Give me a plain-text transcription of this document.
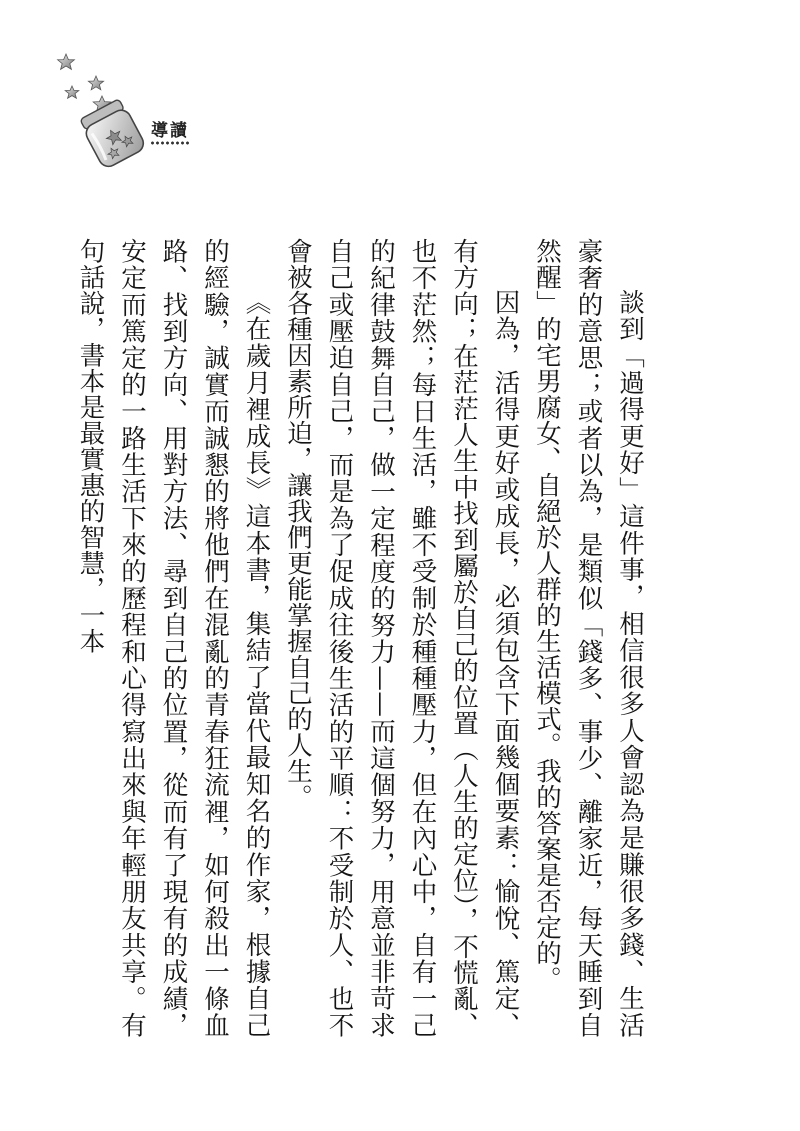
導讀

談到「過得更好」這件事，相信很多人會認為是賺很多錢、生活豪奢的意思；或者以為，是類似「錢多、事少、離家近，每天睡到自然醒」的宅男腐女、自絕於人群的生活模式。我的答案是否定的。

因為，活得更好或成長，必須包含下面幾個要素：愉悅、篤定、有方向；在茫茫人生中找到屬於自己的位置（人生的定位），不慌亂、也不茫然；每日生活，雖不受制於種種壓力，但在內心中，自有一己的紀律鼓舞自己，做一定程度的努力——而這個努力，用意並非苛求自己或壓迫自己，而是為了促成往後生活的平順：不受制於人、也不會被各種因素所迫，讓我們更能掌握自己的人生。

《在歲月裡成長》這本書，集結了當代最知名的作家，根據自己的經驗，誠實而誠懇的將他們在混亂的青春狂流裡，如何殺出一條血路、找到方向、用對方法、尋到自己的位置，從而有了現有的成績，安定而篤定的一路生活下來的歷程和心得寫出來與年輕朋友共享。有句話說，書本是最實惠的智慧，一本
